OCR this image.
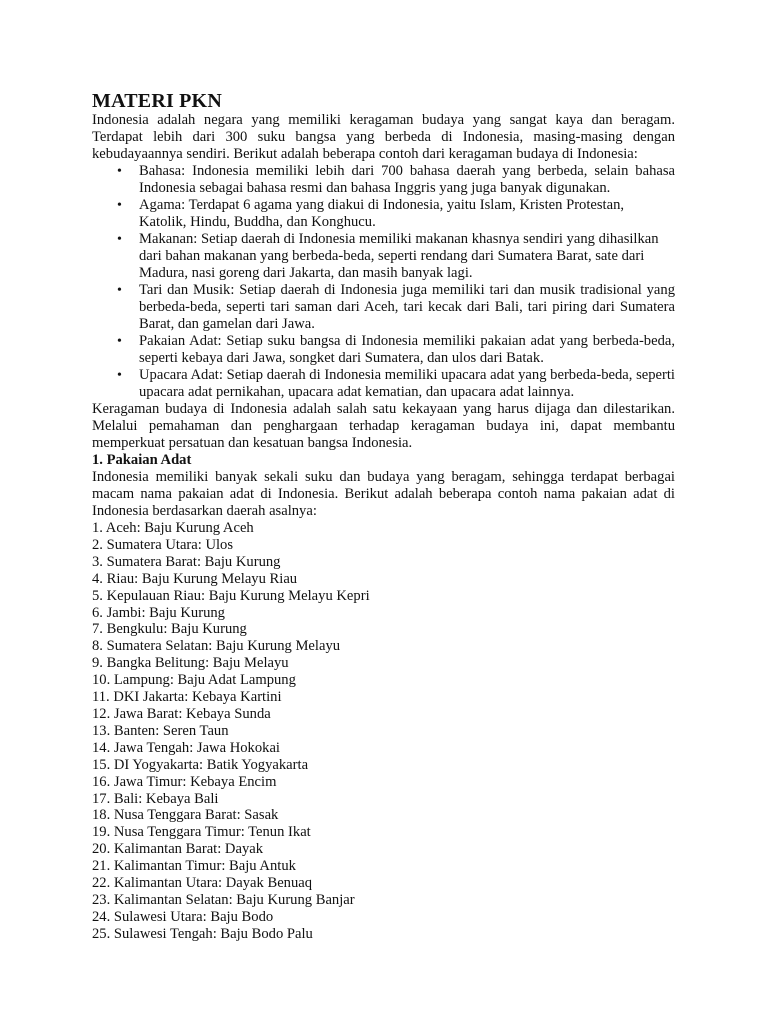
MATERI PKN

Indonesia adalah negara yang memiliki keragaman budaya yang sangat kaya dan beragam. Terdapat lebih dari 300 suku bangsa yang berbeda di Indonesia, masing-masing dengan kebudayaannya sendiri. Berikut adalah beberapa contoh dari keragaman budaya di Indonesia:

• Bahasa: Indonesia memiliki lebih dari 700 bahasa daerah yang berbeda, selain bahasa Indonesia sebagai bahasa resmi dan bahasa Inggris yang juga banyak digunakan.
• Agama: Terdapat 6 agama yang diakui di Indonesia, yaitu Islam, Kristen Protestan, Katolik, Hindu, Buddha, dan Konghucu.
• Makanan: Setiap daerah di Indonesia memiliki makanan khasnya sendiri yang dihasilkan dari bahan makanan yang berbeda-beda, seperti rendang dari Sumatera Barat, sate dari Madura, nasi goreng dari Jakarta, dan masih banyak lagi.
• Tari dan Musik: Setiap daerah di Indonesia juga memiliki tari dan musik tradisional yang berbeda-beda, seperti tari saman dari Aceh, tari kecak dari Bali, tari piring dari Sumatera Barat, dan gamelan dari Jawa.
• Pakaian Adat: Setiap suku bangsa di Indonesia memiliki pakaian adat yang berbeda-beda, seperti kebaya dari Jawa, songket dari Sumatera, dan ulos dari Batak.
• Upacara Adat: Setiap daerah di Indonesia memiliki upacara adat yang berbeda-beda, seperti upacara adat pernikahan, upacara adat kematian, dan upacara adat lainnya.

Keragaman budaya di Indonesia adalah salah satu kekayaan yang harus dijaga dan dilestarikan. Melalui pemahaman dan penghargaan terhadap keragaman budaya ini, dapat membantu memperkuat persatuan dan kesatuan bangsa Indonesia.

1. Pakaian Adat

Indonesia memiliki banyak sekali suku dan budaya yang beragam, sehingga terdapat berbagai macam nama pakaian adat di Indonesia. Berikut adalah beberapa contoh nama pakaian adat di Indonesia berdasarkan daerah asalnya:

1. Aceh: Baju Kurung Aceh
2. Sumatera Utara: Ulos
3. Sumatera Barat: Baju Kurung
4. Riau: Baju Kurung Melayu Riau
5. Kepulauan Riau: Baju Kurung Melayu Kepri
6. Jambi: Baju Kurung
7. Bengkulu: Baju Kurung
8. Sumatera Selatan: Baju Kurung Melayu
9. Bangka Belitung: Baju Melayu
10. Lampung: Baju Adat Lampung
11. DKI Jakarta: Kebaya Kartini
12. Jawa Barat: Kebaya Sunda
13. Banten: Seren Taun
14. Jawa Tengah: Jawa Hokokai
15. DI Yogyakarta: Batik Yogyakarta
16. Jawa Timur: Kebaya Encim
17. Bali: Kebaya Bali
18. Nusa Tenggara Barat: Sasak
19. Nusa Tenggara Timur: Tenun Ikat
20. Kalimantan Barat: Dayak
21. Kalimantan Timur: Baju Antuk
22. Kalimantan Utara: Dayak Benuaq
23. Kalimantan Selatan: Baju Kurung Banjar
24. Sulawesi Utara: Baju Bodo
25. Sulawesi Tengah: Baju Bodo Palu
